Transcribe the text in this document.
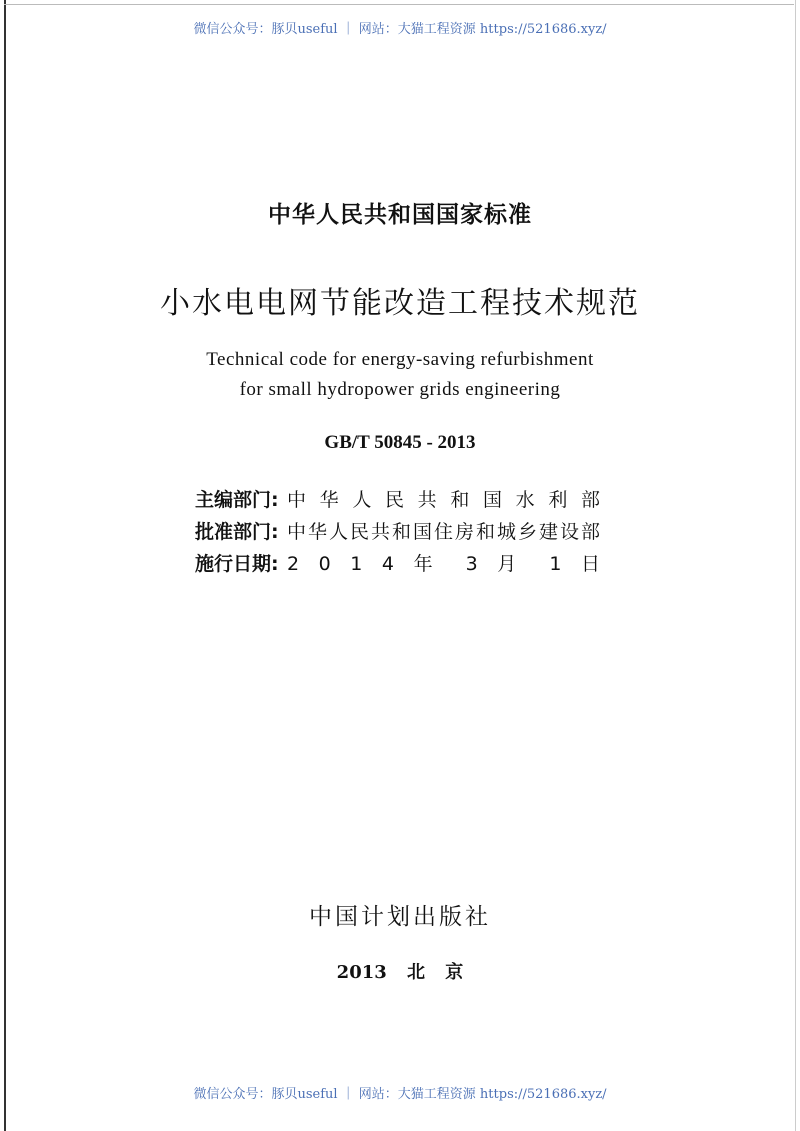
微信公众号：豚贝useful ｜ 网站：大猫工程资源 https://521686.xyz/
中华人民共和国国家标准
小水电电网节能改造工程技术规范
Technical code for energy-saving refurbishment
for small hydropower grids engineering
GB/T 50845 - 2013
主编部门: 中 华 人 民 共 和 国 水 利 部
批准部门: 中华人民共和国住房和城乡建设部
施行日期: 2 0 1 4 年 3 月 1 日
中国计划出版社
2013 北 京
微信公众号：豚贝useful ｜ 网站：大猫工程资源 https://521686.xyz/
